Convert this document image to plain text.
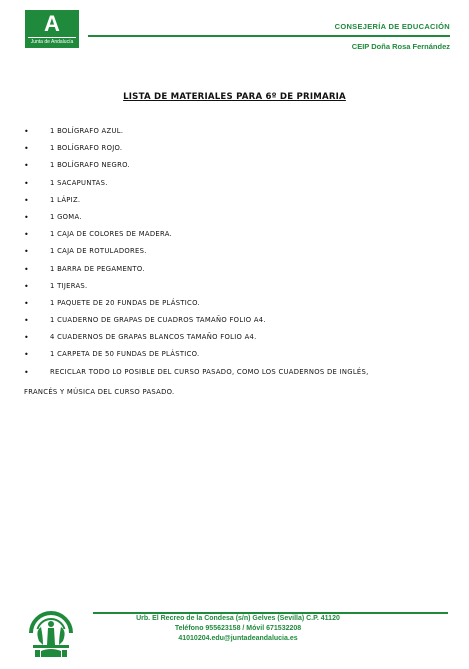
A
Junta de Andalucía
CONSEJERÍA DE EDUCACIÓN
CEIP Doña Rosa Fernández
LISTA DE MATERIALES PARA 6º DE PRIMARIA
•	1 BOLÍGRAFO AZUL.
•	1 BOLÍGRAFO ROJO.
•	1 BOLÍGRAFO NEGRO.
•	1 SACAPUNTAS.
•	1 LÁPIZ.
•	1 GOMA.
•	1 CAJA DE COLORES DE MADERA.
•	1 CAJA DE ROTULADORES.
•	1 BARRA DE PEGAMENTO.
•	1 TIJERAS.
•	1 PAQUETE DE 20 FUNDAS DE PLÁSTICO.
•	1 CUADERNO DE GRAPAS DE CUADROS TAMAÑO FOLIO A4.
•	4 CUADERNOS DE GRAPAS BLANCOS TAMAÑO FOLIO A4.
•	1 CARPETA DE 50 FUNDAS DE PLÁSTICO.
•	RECICLAR TODO LO POSIBLE DEL CURSO PASADO, COMO LOS CUADERNOS DE INGLÉS,
FRANCÉS Y MÚSICA DEL CURSO PASADO.
Urb. El Recreo de la Condesa (s/n) Gelves (Sevilla) C.P. 41120
Teléfono 955623158 / Móvil 671532208
41010204.edu@juntadeandalucia.es
